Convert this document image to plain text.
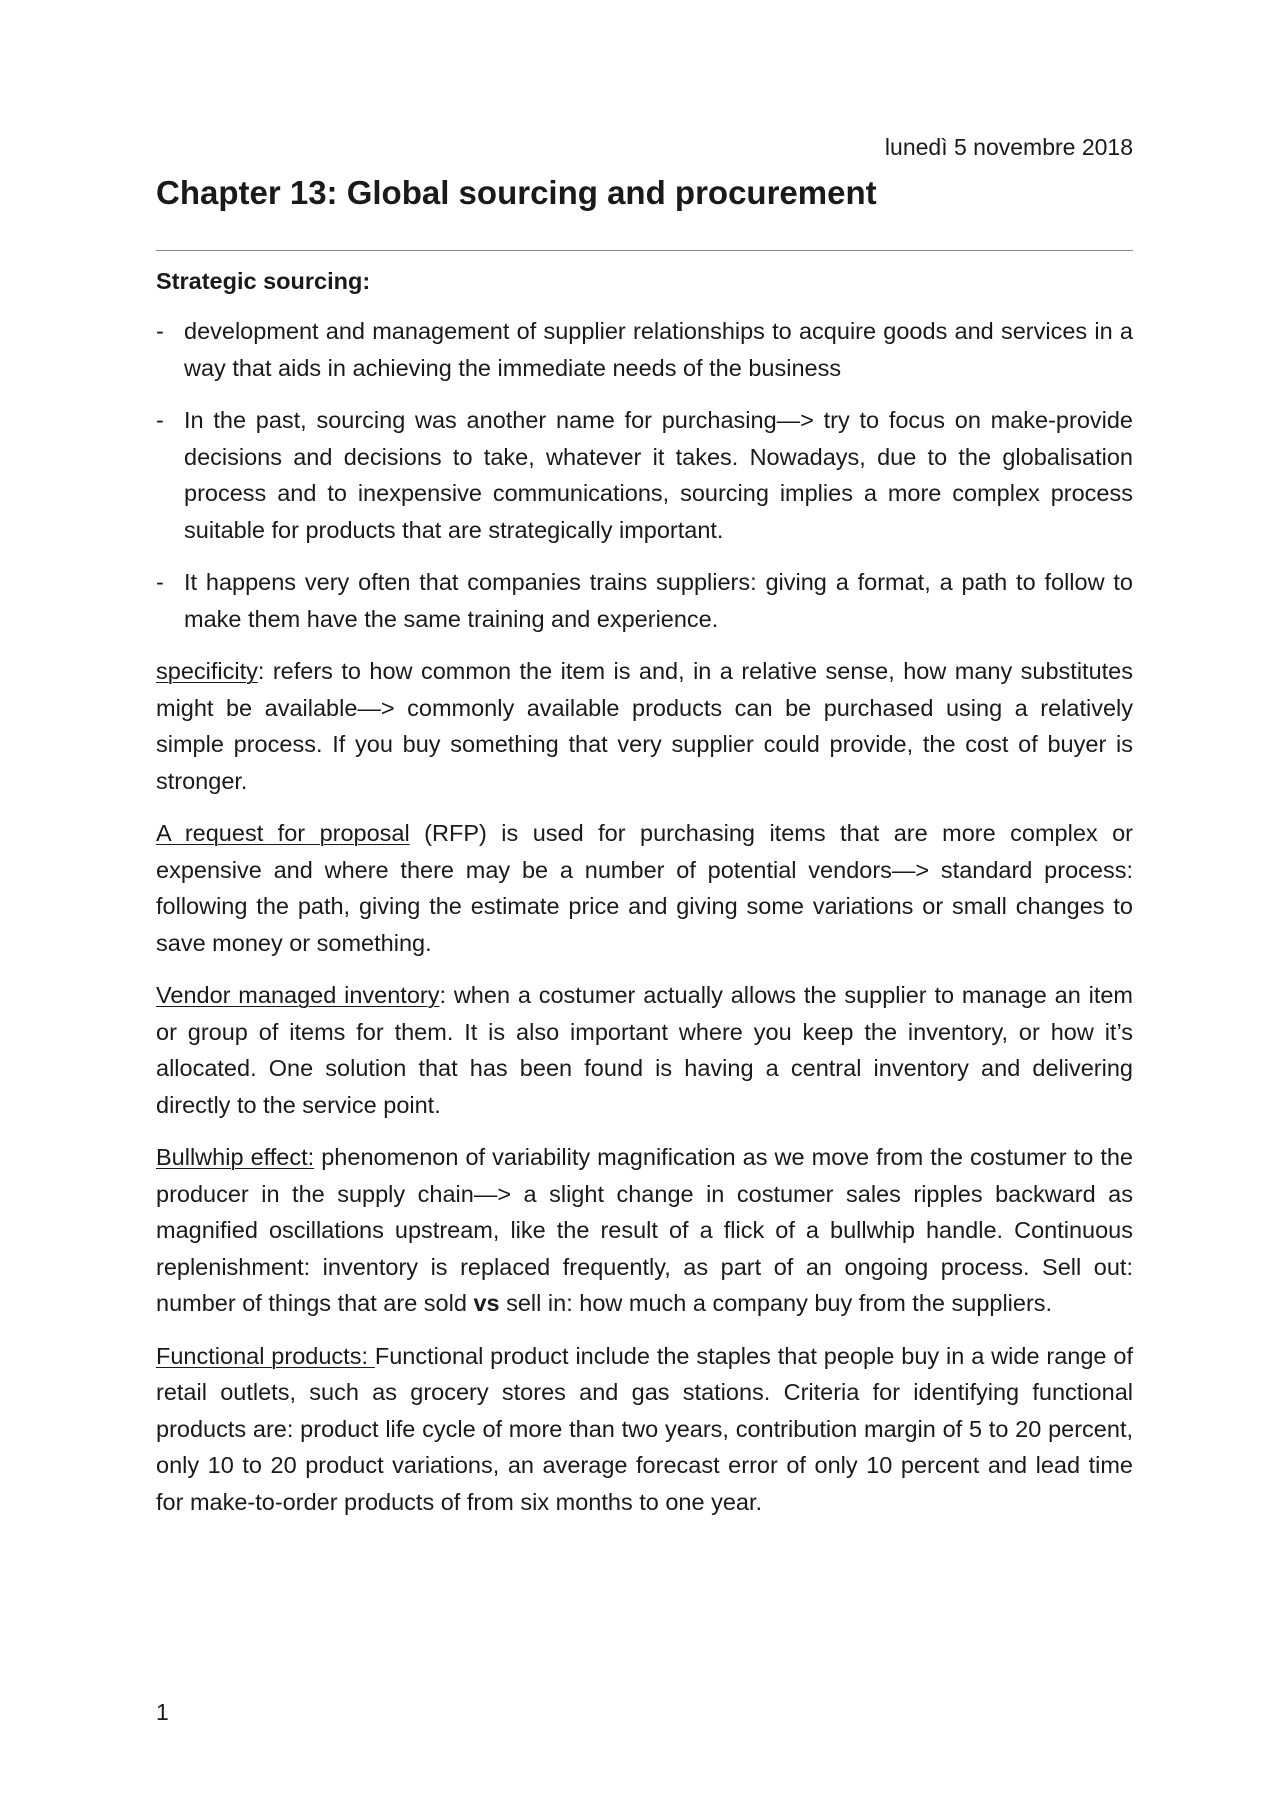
lunedì 5 novembre 2018
Chapter 13: Global sourcing and procurement
Strategic sourcing:
- development and management of supplier relationships to acquire goods and services in a way that aids in achieving the immediate needs of the business
- In the past, sourcing was another name for purchasing—> try to focus on make-provide decisions and decisions to take, whatever it takes. Nowadays, due to the globalisation process and to inexpensive communications, sourcing implies a more complex process suitable for products that are strategically important.
- It happens very often that companies trains suppliers: giving a format, a path to follow to make them have the same training and experience.

specificity: refers to how common the item is and, in a relative sense, how many substitutes might be available—> commonly available products can be purchased using a relatively simple process. If you buy something that very supplier could provide, the cost of buyer is stronger.

A request for proposal (RFP) is used for purchasing items that are more complex or expensive and where there may be a number of potential vendors—> standard process: following the path, giving the estimate price and giving some variations or small changes to save money or something.

Vendor managed inventory: when a costumer actually allows the supplier to manage an item or group of items for them. It is also important where you keep the inventory, or how it’s allocated. One solution that has been found is having a central inventory and delivering directly to the service point.

Bullwhip effect: phenomenon of variability magnification as we move from the costumer to the producer in the supply chain—> a slight change in costumer sales ripples backward as magnified oscillations upstream, like the result of a flick of a bullwhip handle. Continuous replenishment: inventory is replaced frequently, as part of an ongoing process. Sell out: number of things that are sold vs sell in: how much a company buy from the suppliers.

Functional products: Functional product include the staples that people buy in a wide range of retail outlets, such as grocery stores and gas stations. Criteria for identifying functional products are: product life cycle of more than two years, contribution margin of 5 to 20 percent, only 10 to 20 product variations, an average forecast error of only 10 percent and lead time for make-to-order products of from six months to one year.

1
